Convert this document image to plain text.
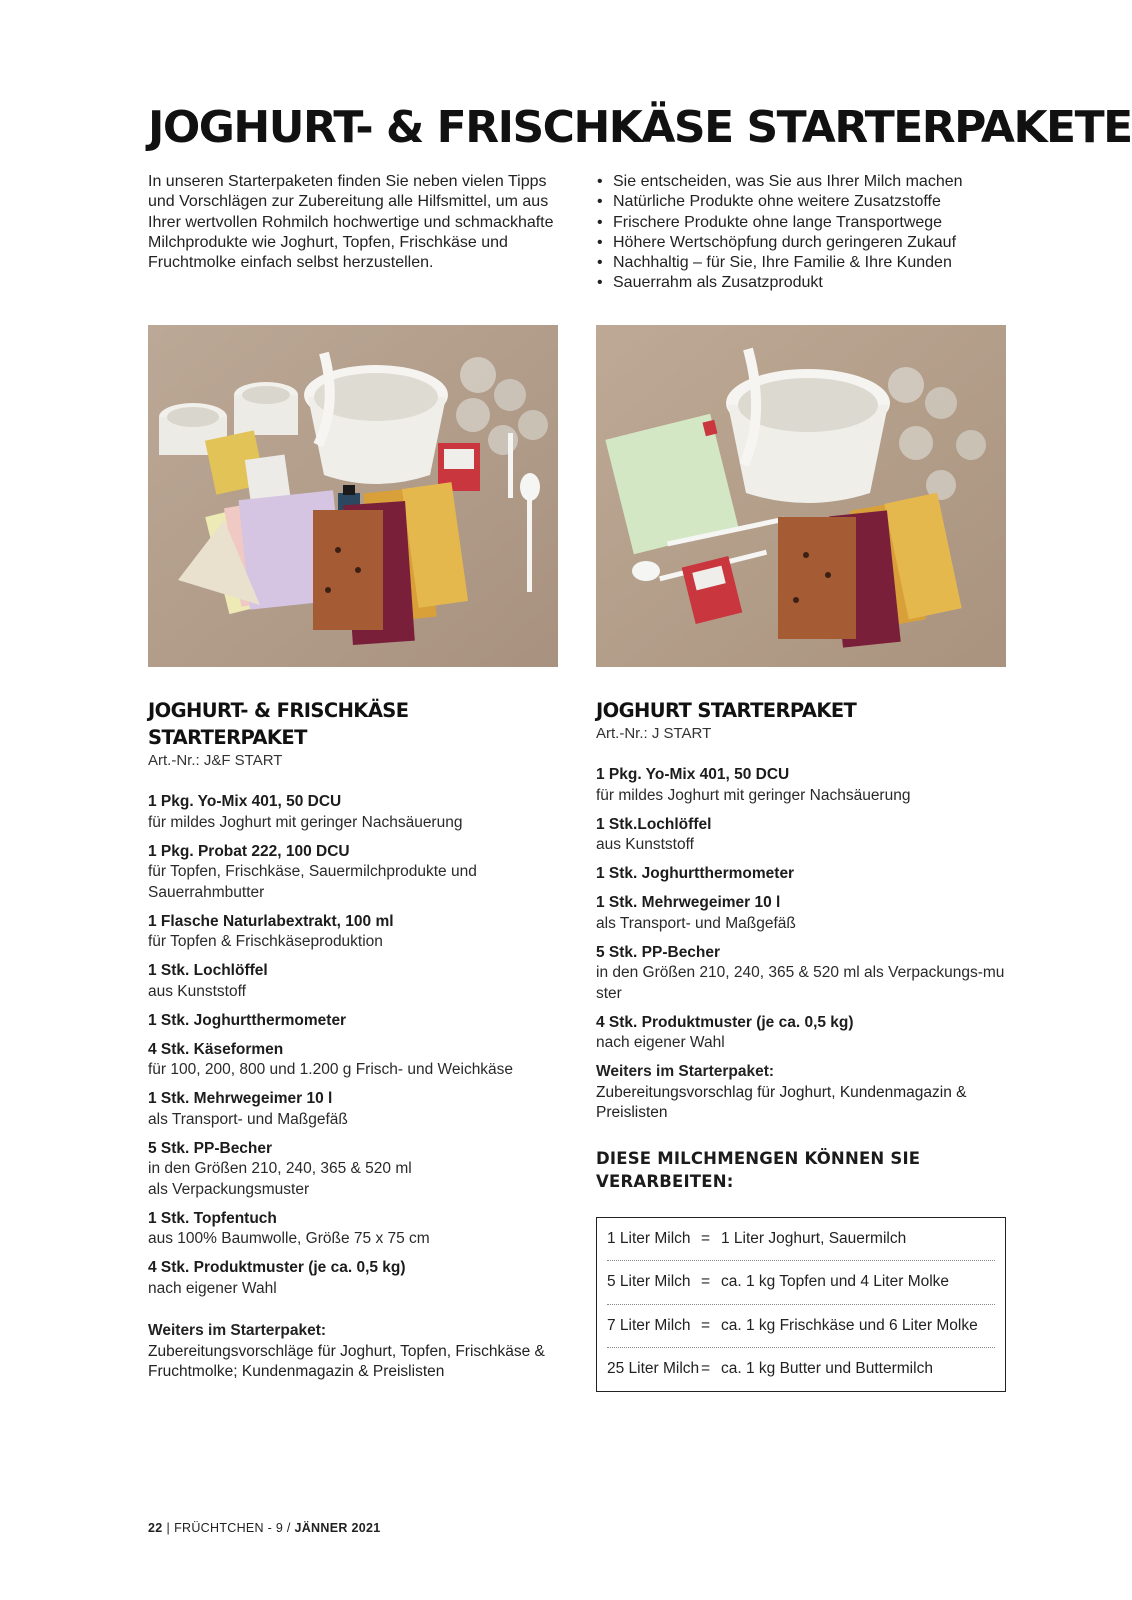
JOGHURT- & FRISCHKÄSE STARTERPAKETE

In unseren Starterpaketen finden Sie neben vielen Tipps und Vorschlägen zur Zubereitung alle Hilfsmittel, um aus Ihrer wertvollen Rohmilch hochwertige und schmackhafte Milchprodukte wie Joghurt, Topfen, Frischkäse und Fruchtmolke einfach selbst herzustellen.

• Sie entscheiden, was Sie aus Ihrer Milch machen
• Natürliche Produkte ohne weitere Zusatzstoffe
• Frischere Produkte ohne lange Transportwege
• Höhere Wertschöpfung durch geringeren Zukauf
• Nachhaltig – für Sie, Ihre Familie & Ihre Kunden
• Sauerrahm als Zusatzprodukt
JOGHURT- & FRISCHKÄSE STARTERPAKET

Art.-Nr.: J&F START

1 Pkg. Yo-Mix 401, 50 DCU
für mildes Joghurt mit geringer Nachsäuerung
1 Pkg. Probat 222, 100 DCU
für Topfen, Frischkäse, Sauermilchprodukte und Sauerrahmbutter
1 Flasche Naturlabextrakt, 100 ml
für Topfen & Frischkäseproduktion
1 Stk. Lochlöffel
aus Kunststoff
1 Stk. Joghurtthermometer
4 Stk. Käseformen
für 100, 200, 800 und 1.200 g Frisch- und Weichkäse
1 Stk. Mehrwegeimer 10 l
als Transport- und Maßgefäß
5 Stk. PP-Becher
in den Größen 210, 240, 365 & 520 ml als Verpackungsmuster
1 Stk. Topfentuch
aus 100% Baumwolle, Größe 75 x 75 cm
4 Stk. Produktmuster (je ca. 0,5 kg)
nach eigener Wahl
Weiters im Starterpaket:
Zubereitungsvorschläge für Joghurt, Topfen, Frischkäse & Fruchtmolke; Kundenmagazin & Preislisten
JOGHURT STARTERPAKET

Art.-Nr.: J START

1 Pkg. Yo-Mix 401, 50 DCU
für mildes Joghurt mit geringer Nachsäuerung
1 Stk.Lochlöffel
aus Kunststoff
1 Stk. Joghurtthermometer
1 Stk. Mehrwegeimer 10 l
als Transport- und Maßgefäß
5 Stk. PP-Becher
in den Größen 210, 240, 365 & 520 ml als Verpackungs-muster
4 Stk. Produktmuster (je ca. 0,5 kg)
nach eigener Wahl
Weiters im Starterpaket:
Zubereitungsvorschlag für Joghurt, Kundenmagazin & Preislisten
DIESE MILCHMENGEN KÖNNEN SIE VERARBEITEN:
1 Liter Milch = 1 Liter Joghurt, Sauermilch
5 Liter Milch = ca. 1 kg Topfen und 4 Liter Molke
7 Liter Milch = ca. 1 kg Frischkäse und 6 Liter Molke
25 Liter Milch = ca. 1 kg Butter und Buttermilch
22 | FRÜCHTCHEN - 9 / JÄNNER 2021
